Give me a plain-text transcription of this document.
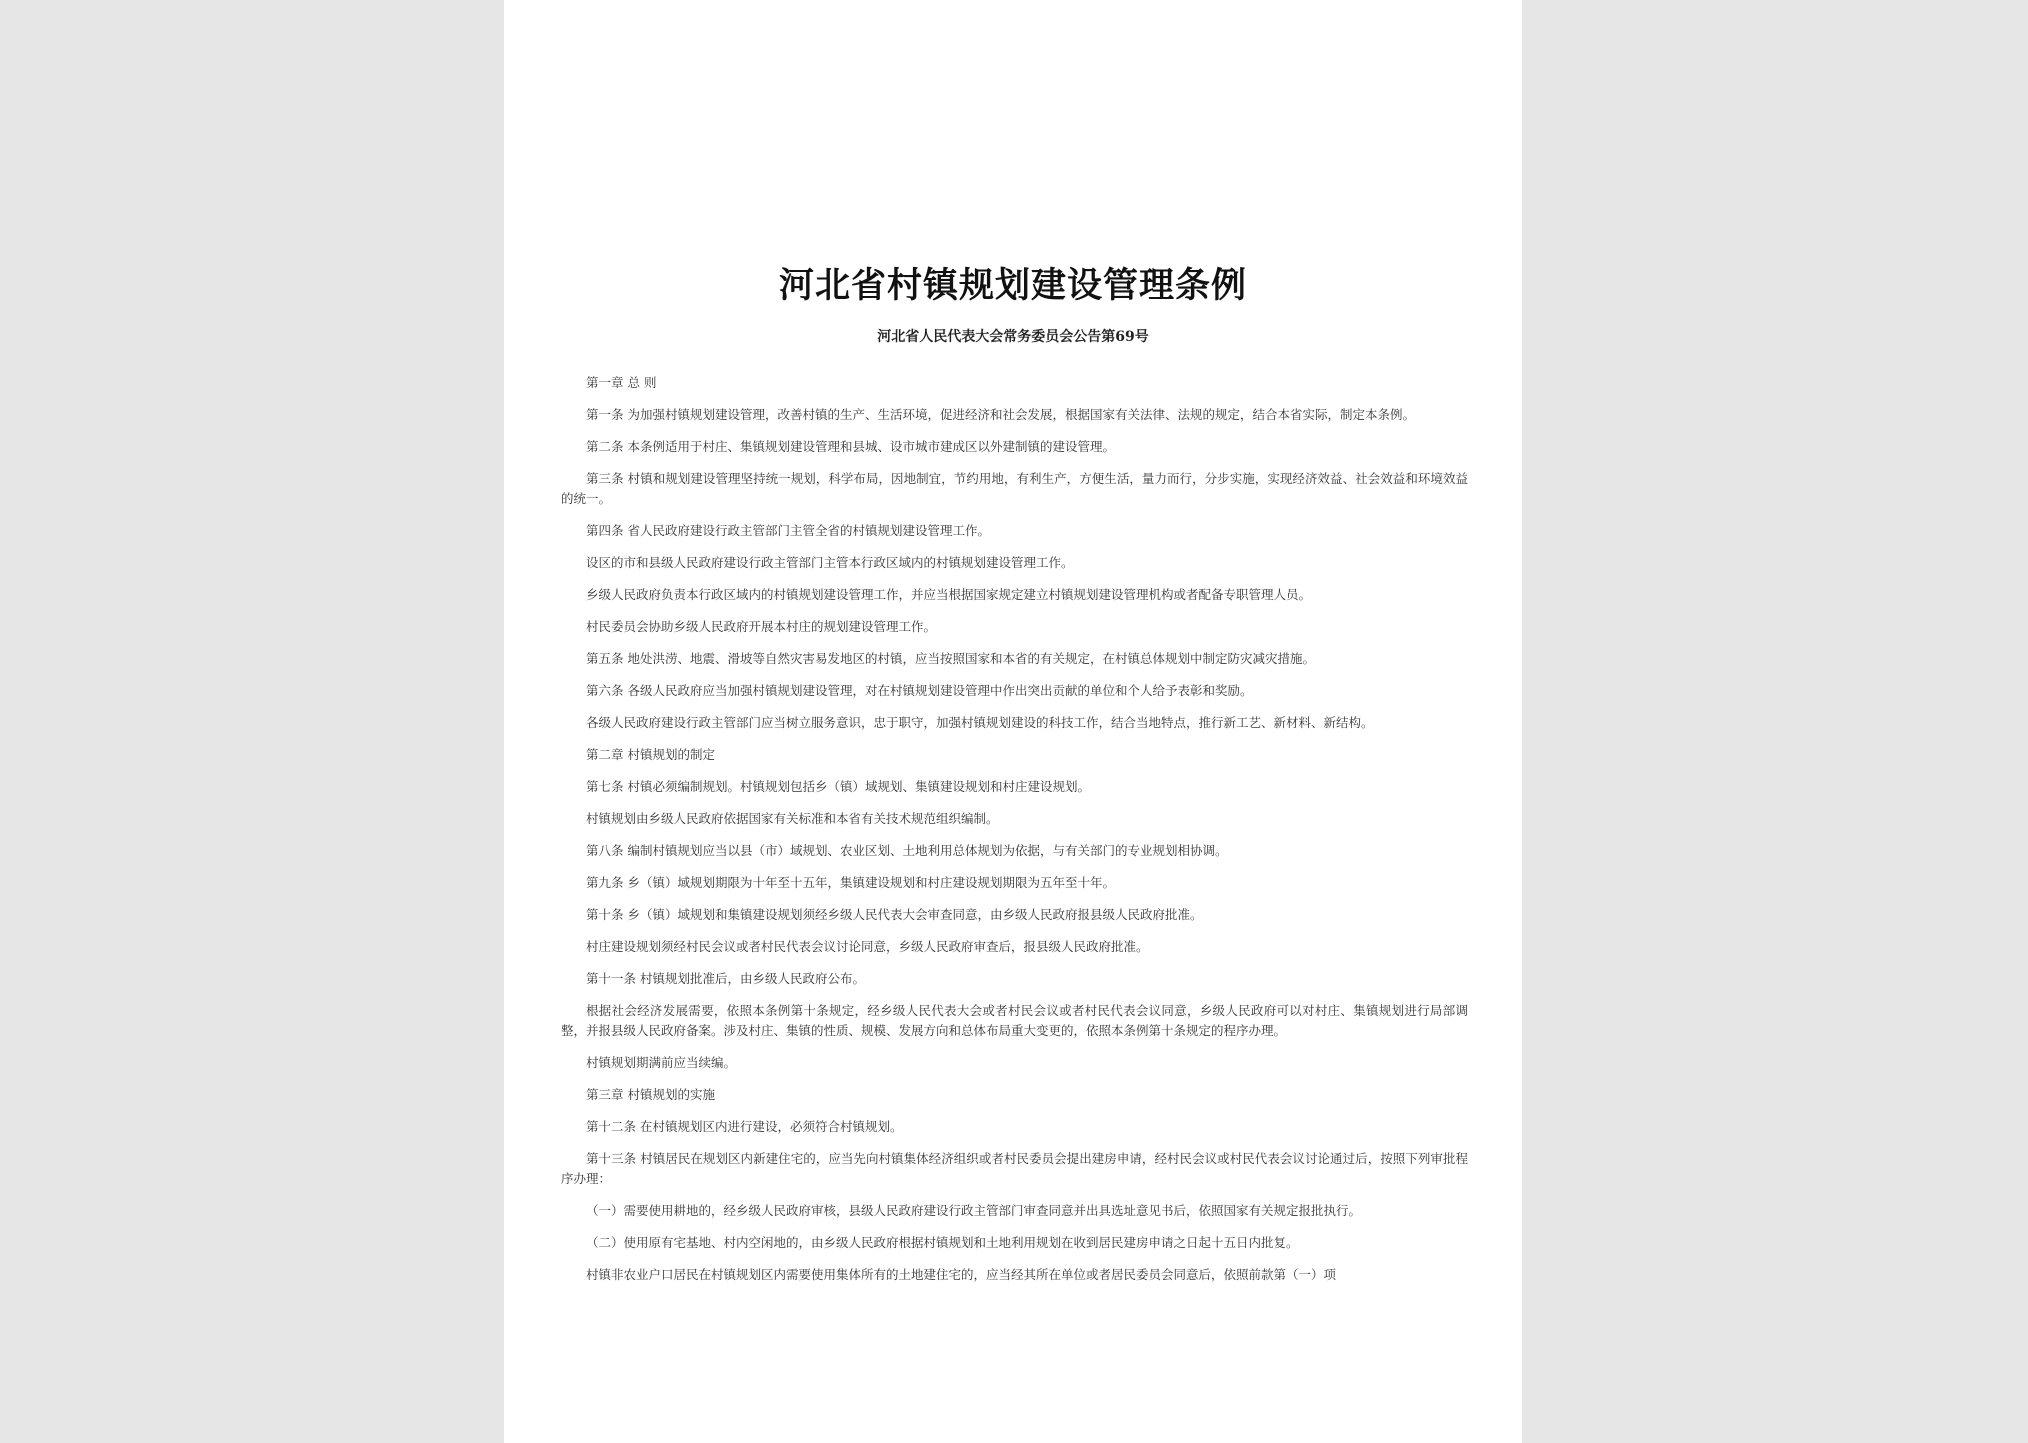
河北省村镇规划建设管理条例
河北省人民代表大会常务委员会公告第69号

第一章 总 则

第一条 为加强村镇规划建设管理，改善村镇的生产、生活环境，促进经济和社会发展，根据国家有关法律、法规的规定，结合本省实际，制定本条例。

第二条 本条例适用于村庄、集镇规划建设管理和县城、设市城市建成区以外建制镇的建设管理。

第三条 村镇和规划建设管理坚持统一规划，科学布局，因地制宜，节约用地，有利生产，方便生活，量力而行，分步实施，实现经济效益、社会效益和环境效益的统一。

第四条 省人民政府建设行政主管部门主管全省的村镇规划建设管理工作。

设区的市和县级人民政府建设行政主管部门主管本行政区域内的村镇规划建设管理工作。

乡级人民政府负责本行政区域内的村镇规划建设管理工作，并应当根据国家规定建立村镇规划建设管理机构或者配备专职管理人员。

村民委员会协助乡级人民政府开展本村庄的规划建设管理工作。

第五条 地处洪涝、地震、滑坡等自然灾害易发地区的村镇，应当按照国家和本省的有关规定，在村镇总体规划中制定防灾减灾措施。

第六条 各级人民政府应当加强村镇规划建设管理，对在村镇规划建设管理中作出突出贡献的单位和个人给予表彰和奖励。

各级人民政府建设行政主管部门应当树立服务意识，忠于职守，加强村镇规划建设的科技工作，结合当地特点，推行新工艺、新材料、新结构。

第二章 村镇规划的制定

第七条 村镇必须编制规划。村镇规划包括乡（镇）域规划、集镇建设规划和村庄建设规划。

村镇规划由乡级人民政府依据国家有关标准和本省有关技术规范组织编制。

第八条 编制村镇规划应当以县（市）域规划、农业区划、土地利用总体规划为依据，与有关部门的专业规划相协调。

第九条 乡（镇）域规划期限为十年至十五年，集镇建设规划和村庄建设规划期限为五年至十年。

第十条 乡（镇）域规划和集镇建设规划须经乡级人民代表大会审查同意，由乡级人民政府报县级人民政府批准。

村庄建设规划须经村民会议或者村民代表会议讨论同意，乡级人民政府审查后，报县级人民政府批准。

第十一条 村镇规划批准后，由乡级人民政府公布。

根据社会经济发展需要，依照本条例第十条规定，经乡级人民代表大会或者村民会议或者村民代表会议同意，乡级人民政府可以对村庄、集镇规划进行局部调整，并报县级人民政府备案。涉及村庄、集镇的性质、规模、发展方向和总体布局重大变更的，依照本条例第十条规定的程序办理。

村镇规划期满前应当续编。

第三章 村镇规划的实施

第十二条 在村镇规划区内进行建设，必须符合村镇规划。

第十三条 村镇居民在规划区内新建住宅的，应当先向村镇集体经济组织或者村民委员会提出建房申请，经村民会议或村民代表会议讨论通过后，按照下列审批程序办理：

（一）需要使用耕地的，经乡级人民政府审核，县级人民政府建设行政主管部门审查同意并出具选址意见书后，依照国家有关规定报批执行。

（二）使用原有宅基地、村内空闲地的，由乡级人民政府根据村镇规划和土地利用规划在收到居民建房申请之日起十五日内批复。

村镇非农业户口居民在村镇规划区内需要使用集体所有的土地建住宅的，应当经其所在单位或者居民委员会同意后，依照前款第（一）项
